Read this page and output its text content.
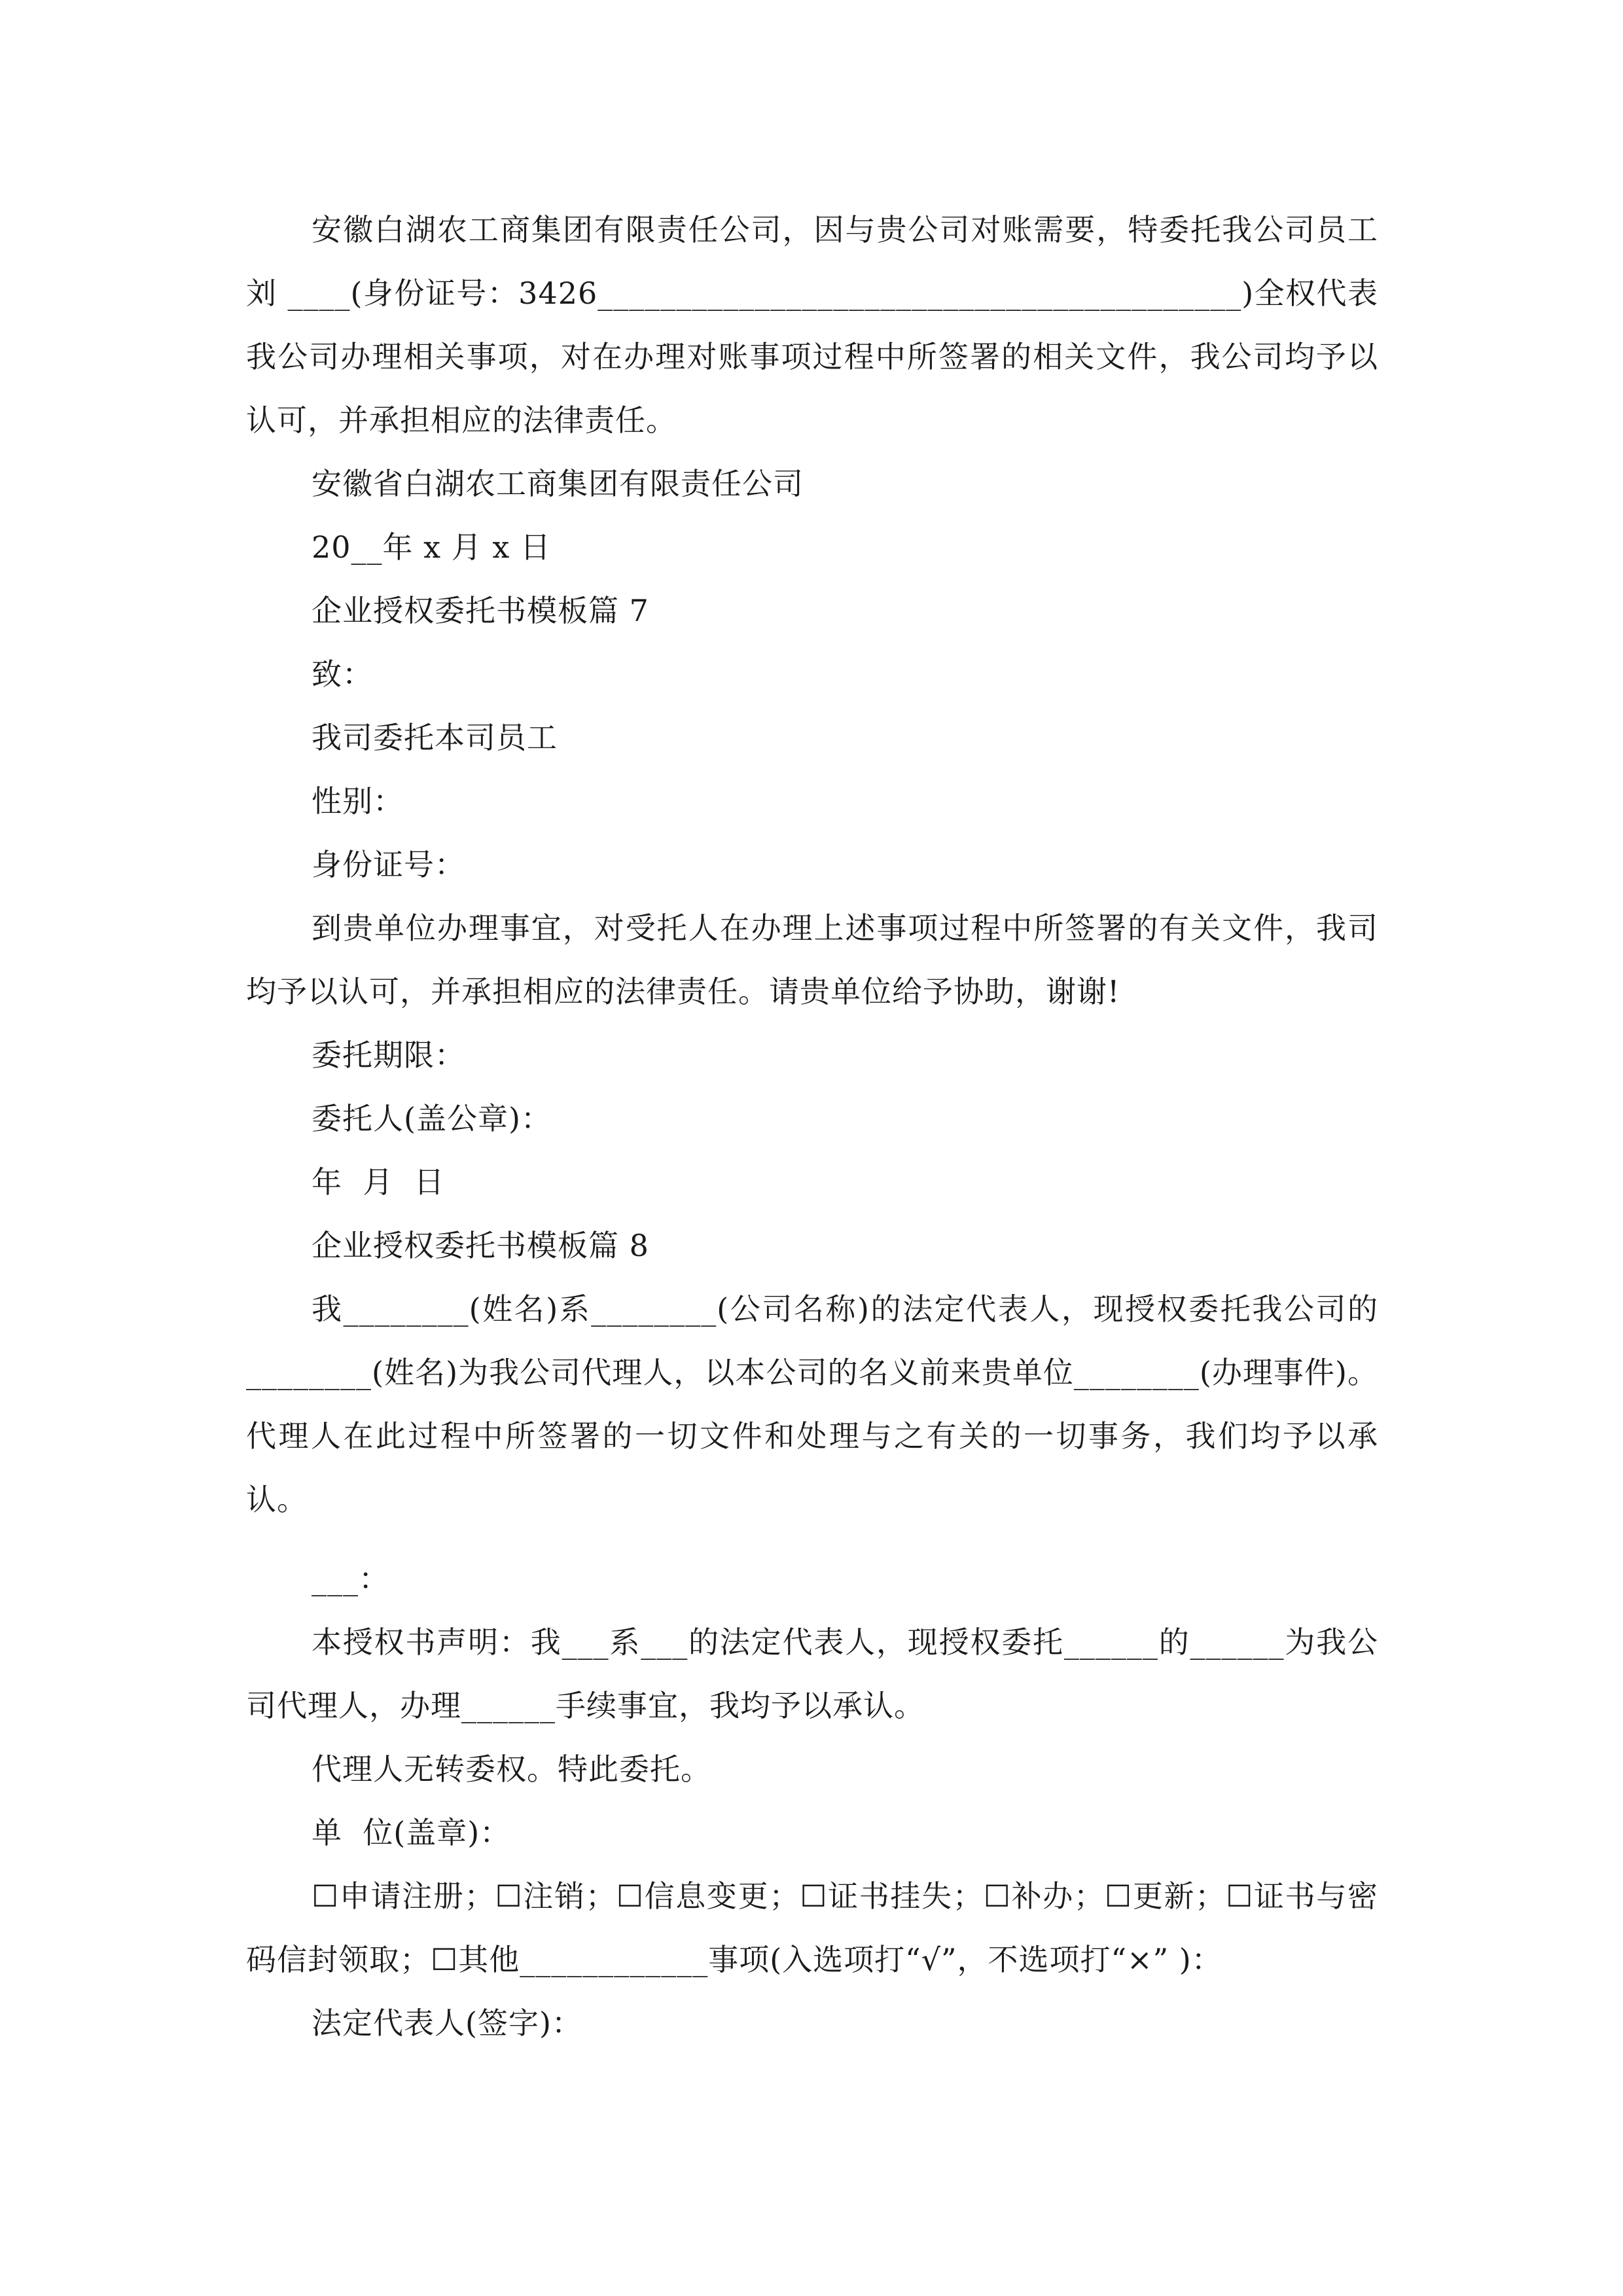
安徽白湖农工商集团有限责任公司，因与贵公司对账需要，特委托我公司员工刘 ____(身份证号：3426_________________________________________)全权代表我公司办理相关事项，对在办理对账事项过程中所签署的相关文件，我公司均予以认可，并承担相应的法律责任。

安徽省白湖农工商集团有限责任公司

20__年 x 月 x 日

企业授权委托书模板篇 7

致：

我司委托本司员工

性别：

身份证号：

到贵单位办理事宜，对受托人在办理上述事项过程中所签署的有关文件，我司均予以认可，并承担相应的法律责任。请贵单位给予协助，谢谢!

委托期限：

委托人(盖公章)：

年  月  日

企业授权委托书模板篇 8

我________(姓名)系________(公司名称)的法定代表人，现授权委托我公司的________(姓名)为我公司代理人，以本公司的名义前来贵单位________(办理事件)。代理人在此过程中所签署的一切文件和处理与之有关的一切事务，我们均予以承认。

___：

本授权书声明：我___系___的法定代表人，现授权委托______的______为我公司代理人，办理______手续事宜，我均予以承认。

代理人无转委权。特此委托。

单  位(盖章)：

☐申请注册；☐注销；☐信息变更；☐证书挂失；☐补办；☐更新；☐证书与密码信封领取；☐其他____________事项(入选项打“√”，不选项打“×” )：

法定代表人(签字)：
